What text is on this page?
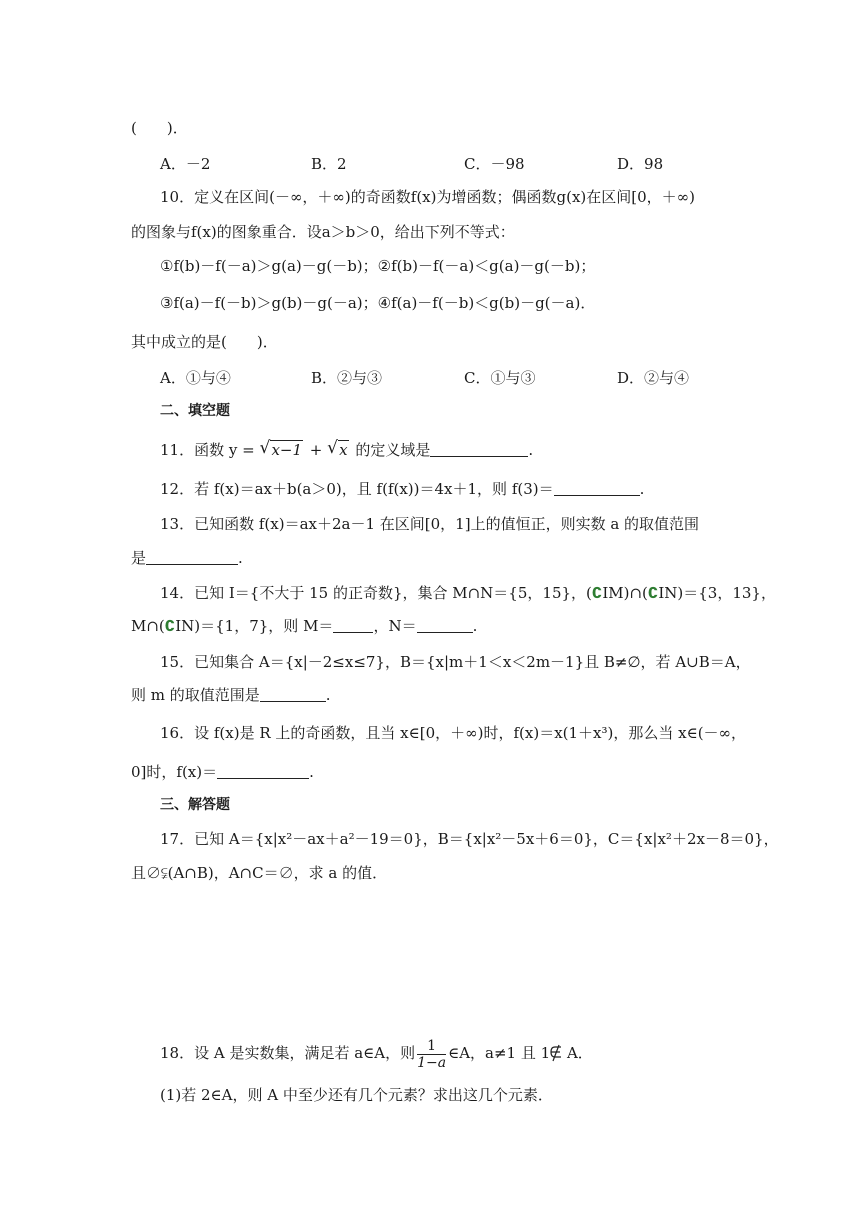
(　　)．
A．－2	B．2	C．－98	D．98
10．定义在区间(－∞，＋∞)的奇函数f(x)为增函数；偶函数g(x)在区间[0，＋∞)
的图象与f(x)的图象重合．设a＞b＞0，给出下列不等式：
①f(b)－f(－a)＞g(a)－g(－b)；②f(b)－f(－a)＜g(a)－g(－b)；
③f(a)－f(－b)＞g(b)－g(－a)；④f(a)－f(－b)＜g(b)－g(－a)．
其中成立的是(　　)．
A．①与④	B．②与③	C．①与③	D．②与④
二、填空题
11．函数 y = √ x−1 + √ x 的定义域是	.
12．若 f(x)＝ax＋b(a＞0)，且 f(f(x))＝4x＋1，则 f(3)＝	.
13．已知函数 f(x)＝ax＋2a－1 在区间[0，1]上的值恒正，则实数 a 的取值范围
是	.
14．已知 I＝{不大于 15 的正奇数}，集合 M∩N＝{5，15}，(∁IM)∩(∁IN)＝{3，13}，
M∩(∁IN)＝{1，7}，则 M＝	，N＝	.
15．已知集合 A＝{x|－2≤x≤7}，B＝{x|m＋1＜x＜2m－1}且 B≠∅，若 A∪B＝A，
则 m 的取值范围是	.
16．设 f(x)是 R 上的奇函数，且当 x∈[0，＋∞)时，f(x)＝x(1＋x³)，那么当 x∈(－∞，
0]时，f(x)＝	.
三、解答题
17．已知 A＝{x|x²－ax＋a²－19＝0}，B＝{x|x²－5x＋6＝0}，C＝{x|x²＋2x－8＝0}，
且∅⫋(A∩B)，A∩C＝∅，求 a 的值．
18．设 A 是实数集，满足若 a∈A，则 $\frac{1}{1-a}$ ∈A，a≠1 且 1
A．
(1)若 2∈A，则 A 中至少还有几个元素？求出这几个元素．
